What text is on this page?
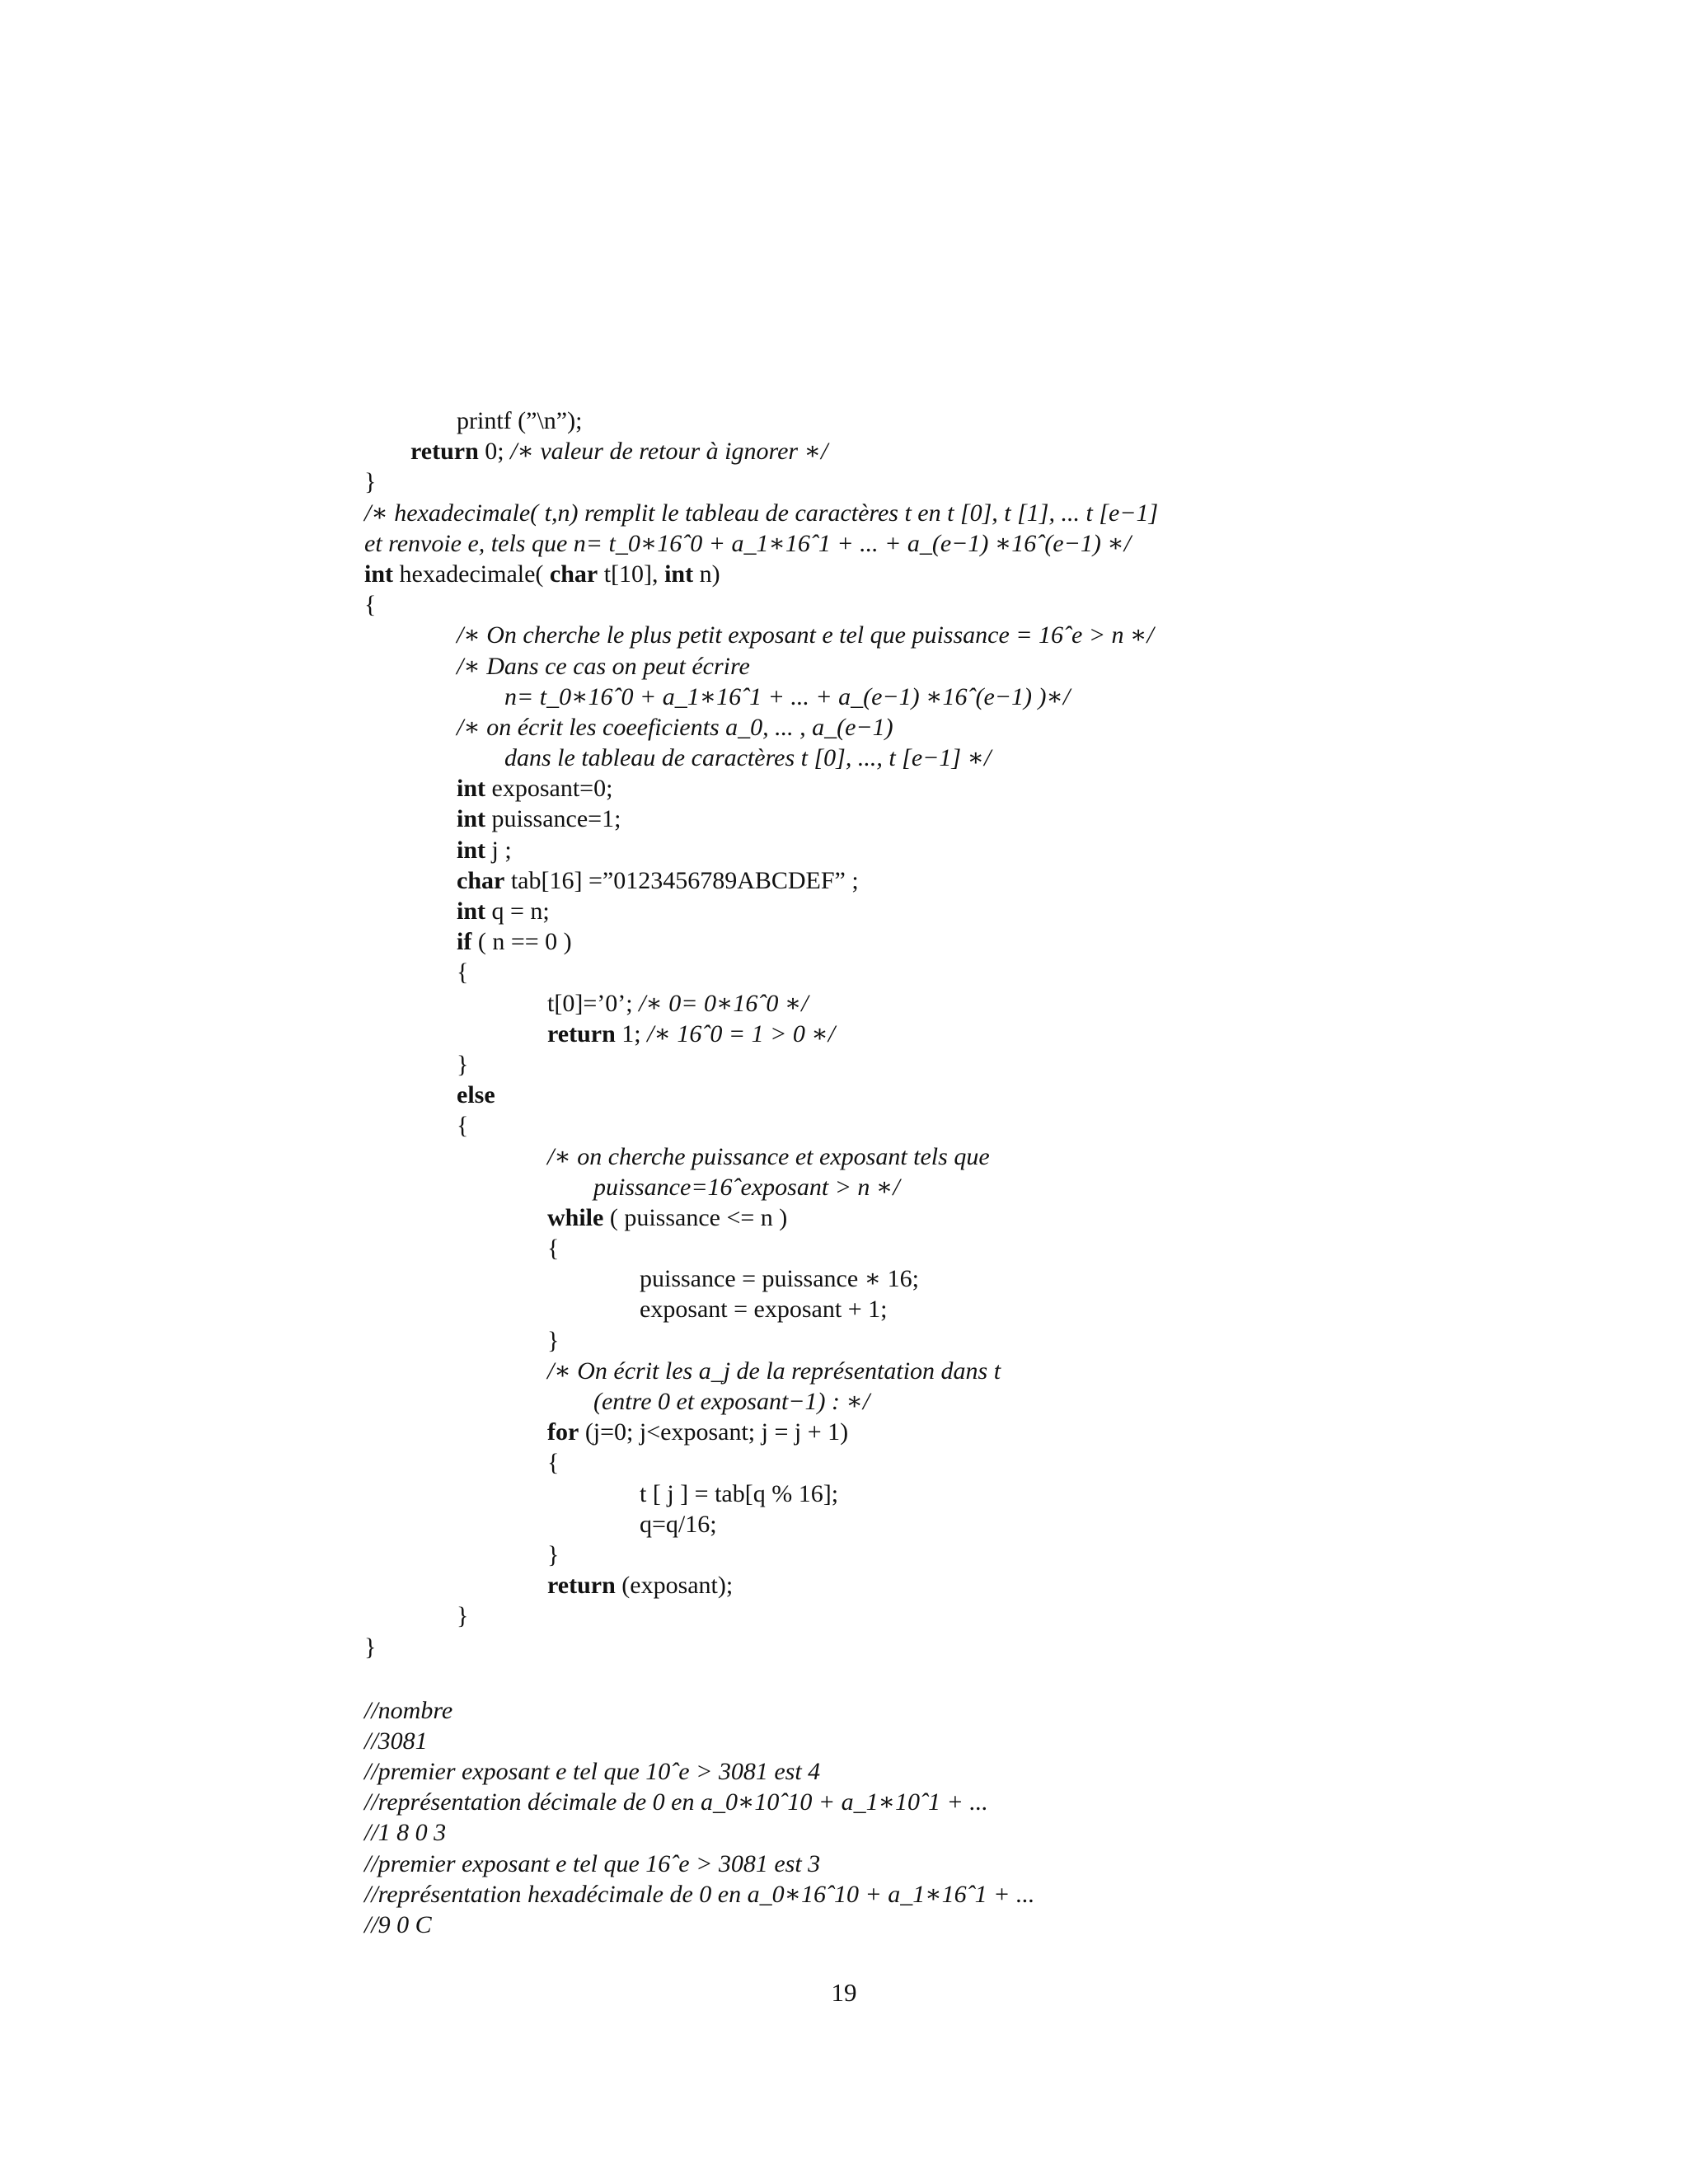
printf (”\n”);
return 0; /∗ valeur de retour à ignorer ∗/
}
/∗ hexadecimale( t,n) remplit le tableau de caractères t en t [0], t [1], ... t [e−1]
et renvoie e, tels que n= t_0∗16ˆ0 + a_1∗16ˆ1 + ... + a_(e−1) ∗16ˆ(e−1) ∗/
int hexadecimale( char t[10], int n)
{
/∗ On cherche le plus petit exposant e tel que puissance = 16ˆe > n ∗/
/∗ Dans ce cas on peut écrire
n= t_0∗16ˆ0 + a_1∗16ˆ1 + ... + a_(e−1) ∗16ˆ(e−1) )∗/
/∗ on écrit les coeeficients a_0, ... , a_(e−1)
dans le tableau de caractères t [0], ..., t [e−1] ∗/
int exposant=0;
int puissance=1;
int j ;
char tab[16] =”0123456789ABCDEF” ;
int q = n;
if ( n == 0 )
{
t[0]=’0’; /∗ 0= 0∗16ˆ0 ∗/
return 1; /∗ 16ˆ0 = 1 > 0 ∗/
}
else
{
/∗ on cherche puissance et exposant tels que
puissance=16ˆexposant > n ∗/
while ( puissance <= n )
{
puissance = puissance ∗ 16;
exposant = exposant + 1;
}
/∗ On écrit les a_j de la représentation dans t
(entre 0 et exposant−1) : ∗/
for (j=0; j<exposant; j = j + 1)
{
t [ j ] = tab[q % 16];
q=q/16;
}
return (exposant);
}
}
//nombre
//3081
//premier exposant e tel que 10ˆe > 3081 est 4
//représentation décimale de 0 en a_0∗10ˆ10 + a_1∗10ˆ1 + ...
//1 8 0 3
//premier exposant e tel que 16ˆe > 3081 est 3
//représentation hexadécimale de 0 en a_0∗16ˆ10 + a_1∗16ˆ1 + ...
//9 0 C
19
